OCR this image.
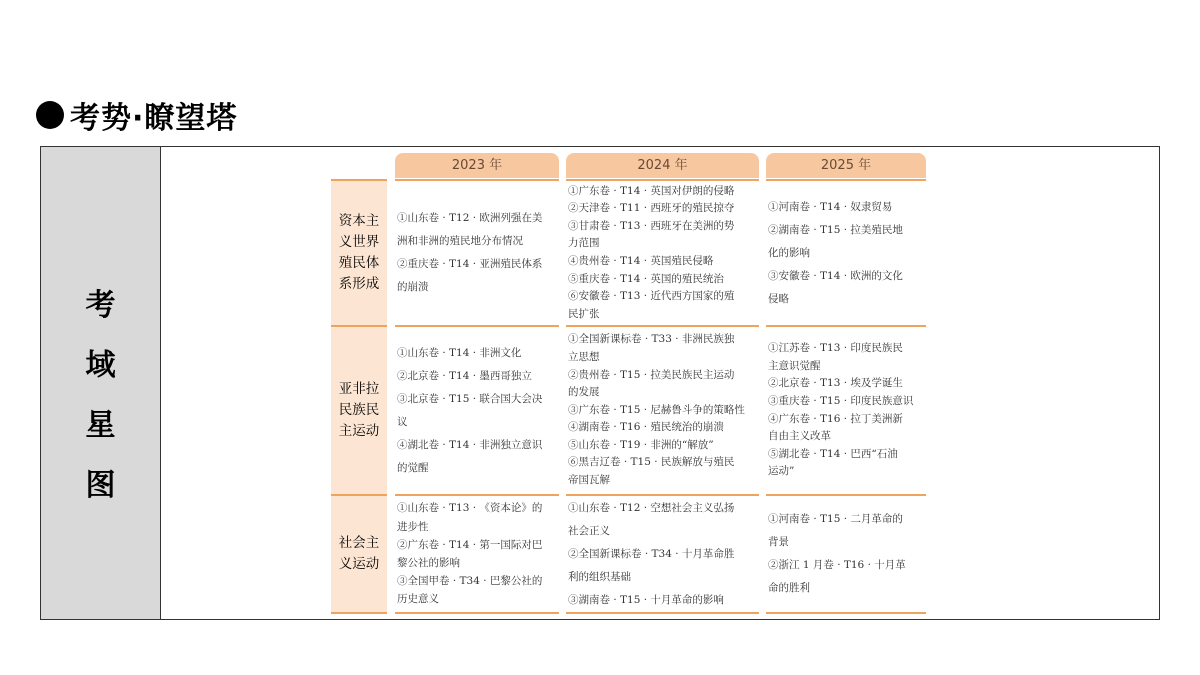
考势·瞭望塔
考
域
星
图
2023 年	2024 年	2025 年
资本主
义世界
殖民体
系形成
亚非拉
民族民
主运动
社会主
义运动
①山东卷 · T12 · 欧洲列强在美
洲和非洲的殖民地分布情况
②重庆卷 · T14 · 亚洲殖民体系
的崩溃
①广东卷 · T14 · 英国对伊朗的侵略
②天津卷 · T11 · 西班牙的殖民掠夺
③甘肃卷 · T13 · 西班牙在美洲的势
力范围
④贵州卷 · T14 · 英国殖民侵略
⑤重庆卷 · T14 · 英国的殖民统治
⑥安徽卷 · T13 · 近代西方国家的殖
民扩张
①河南卷 · T14 · 奴隶贸易
②湖南卷 · T15 · 拉美殖民地
化的影响
③安徽卷 · T14 · 欧洲的文化
侵略
①山东卷 · T14 · 非洲文化
②北京卷 · T14 · 墨西哥独立
③北京卷 · T15 · 联合国大会决
议
④湖北卷 · T14 · 非洲独立意识
的觉醒
①全国新课标卷 · T33 · 非洲民族独
立思想
②贵州卷 · T15 · 拉美民族民主运动
的发展
③广东卷 · T15 · 尼赫鲁斗争的策略性
④湖南卷 · T16 · 殖民统治的崩溃
⑤山东卷 · T19 · 非洲的“解放”
⑥黑吉辽卷 · T15 · 民族解放与殖民
帝国瓦解
①江苏卷 · T13 · 印度民族民
主意识觉醒
②北京卷 · T13 · 埃及学诞生
③重庆卷 · T15 · 印度民族意识
④广东卷 · T16 · 拉丁美洲新
自由主义改革
⑤湖北卷 · T14 · 巴西“石油
运动”
①山东卷 · T13 · 《资本论》的
进步性
②广东卷 · T14 · 第一国际对巴
黎公社的影响
③全国甲卷 · T34 · 巴黎公社的
历史意义
①山东卷 · T12 · 空想社会主义弘扬
社会正义
②全国新课标卷 · T34 · 十月革命胜
利的组织基础
③湖南卷 · T15 · 十月革命的影响
①河南卷 · T15 · 二月革命的
背景
②浙江 1 月卷 · T16 · 十月革
命的胜利
